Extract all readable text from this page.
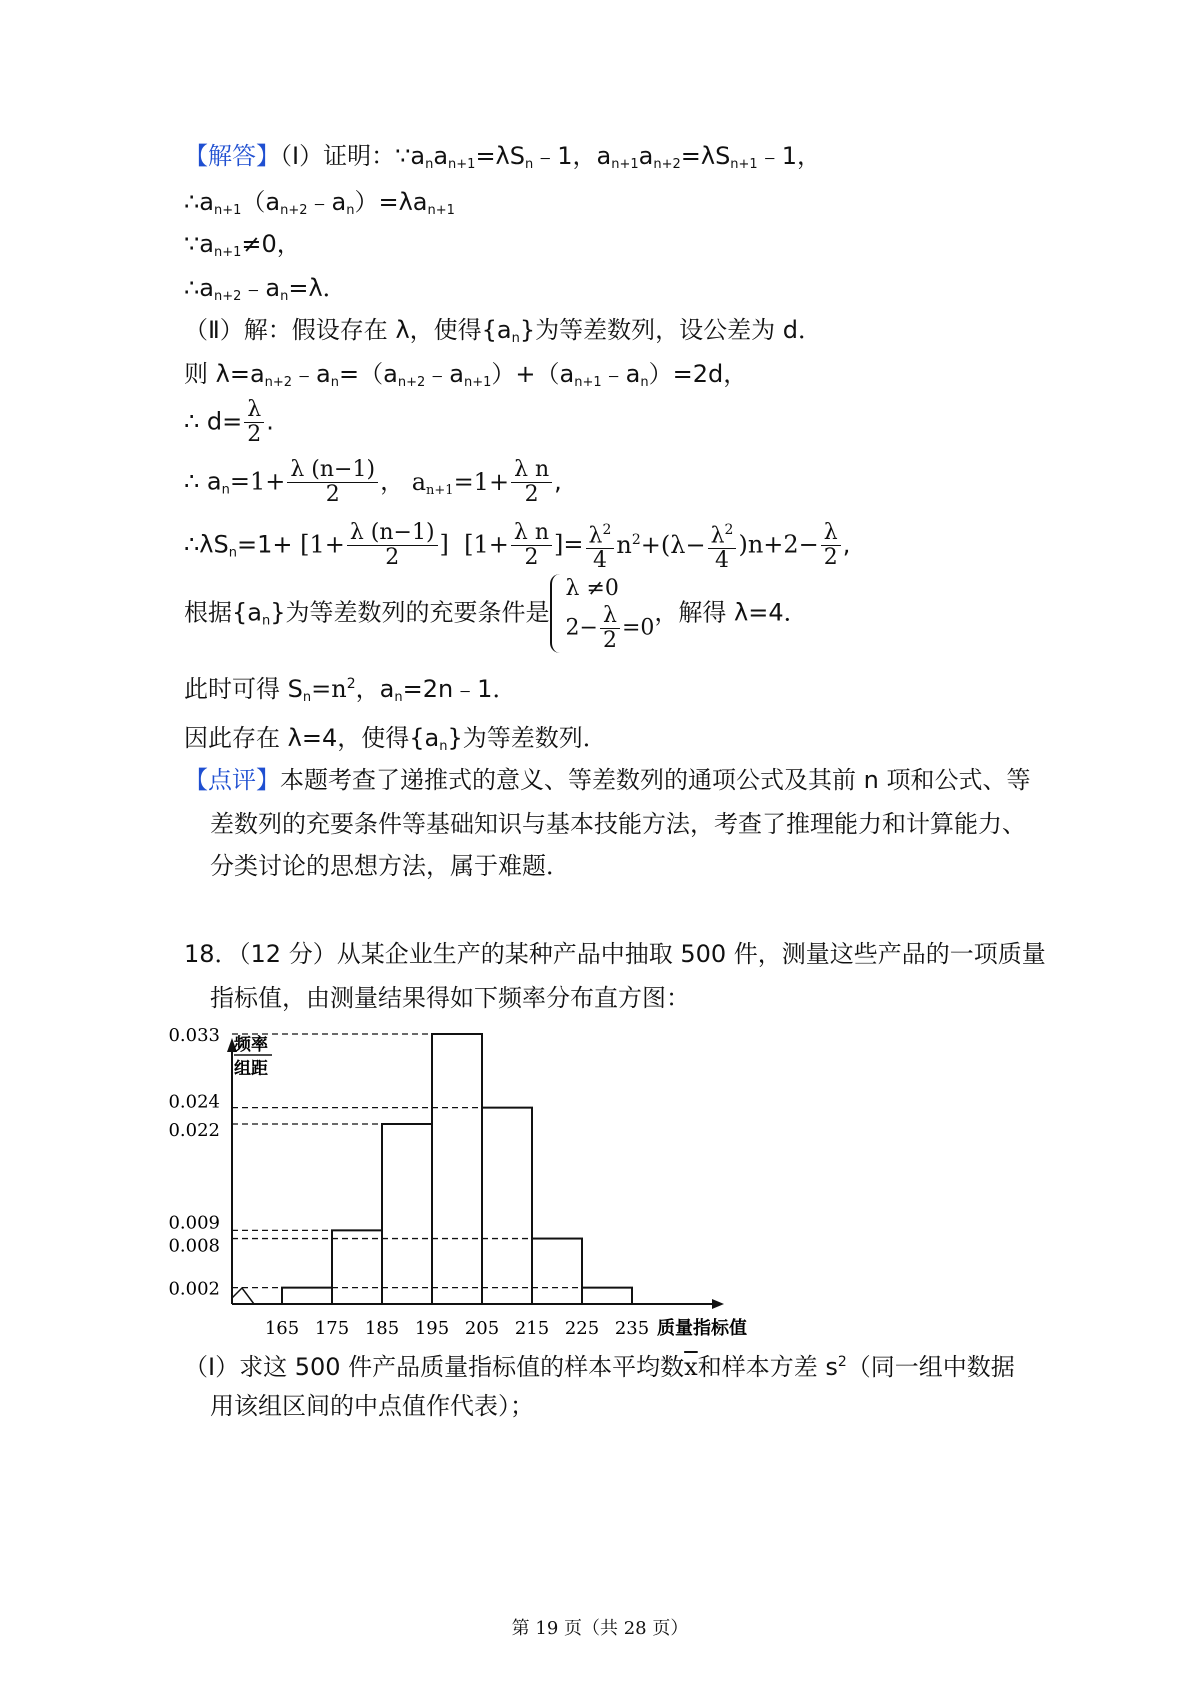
【解答】（Ⅰ）证明：$\because a_na_{n+1}=\lambda S_n﹣1$，$a_{n+1}a_{n+2}=\lambda S_{n+1}﹣1$，
$\therefore a_{n+1}(a_{n+2}﹣a_n)=\lambda a_{n+1}$
$\because a_{n+1}\ne 0$，
$\therefore a_{n+2}﹣a_n=\lambda$．
（Ⅱ）解：假设存在 λ，使得$\{a_n\}$为等差数列，设公差为 d．
则 $\lambda=a_{n+2}﹣a_n=(a_{n+2}﹣a_{n+1})+(a_{n+1}﹣a_n)=2d$，
∴ $d= \frac{\lambda}{2}$ .
∴ $a_n=1+ \frac{\lambda (n-1)}{2}$ ， $a_{n+1}=1+ \frac{\text{λ n}}{2}$ ,
$\therefore\lambda S_n=1+ [1+ \frac{\lambda (n-1)}{2}$ ]  [$1+ \frac{\text{λ n}}{2}$ ]= $\frac{\lambda^2}{4} n^2+(\lambda- \frac{\lambda^2}{4} )n+2- \frac{\lambda}{2}$ ,
根据$\{a_n\}$为等差数列的充要条件是
λ ≠0
$2- \frac{\lambda}{2} =0$
，解得 λ=4．
此时可得 $S_n=n^2$，$a_n=2n﹣1$．
因此存在 λ=4，使得$\{a_n\}$为等差数列．
【点评】本题考查了递推式的意义、等差数列的通项公式及其前 n 项和公式、等
差数列的充要条件等基础知识与基本技能方法，考查了推理能力和计算能力、
分类讨论的思想方法，属于难题．
18．（12 分）从某企业生产的某种产品中抽取 500 件，测量这些产品的一项质量
指标值，由测量结果得如下频率分布直方图：
0.002
0.008
0.009
0.022
0.024
0.033
165 175 185 195 205 215 225 235 质量指标值
频率
组距
（Ⅰ）求这 500 件产品质量指标值的样本平均数$\overline{x}$和样本方差 $s^2$（同一组中数据
用该组区间的中点值作代表）；
第 19 页（共 28 页）
